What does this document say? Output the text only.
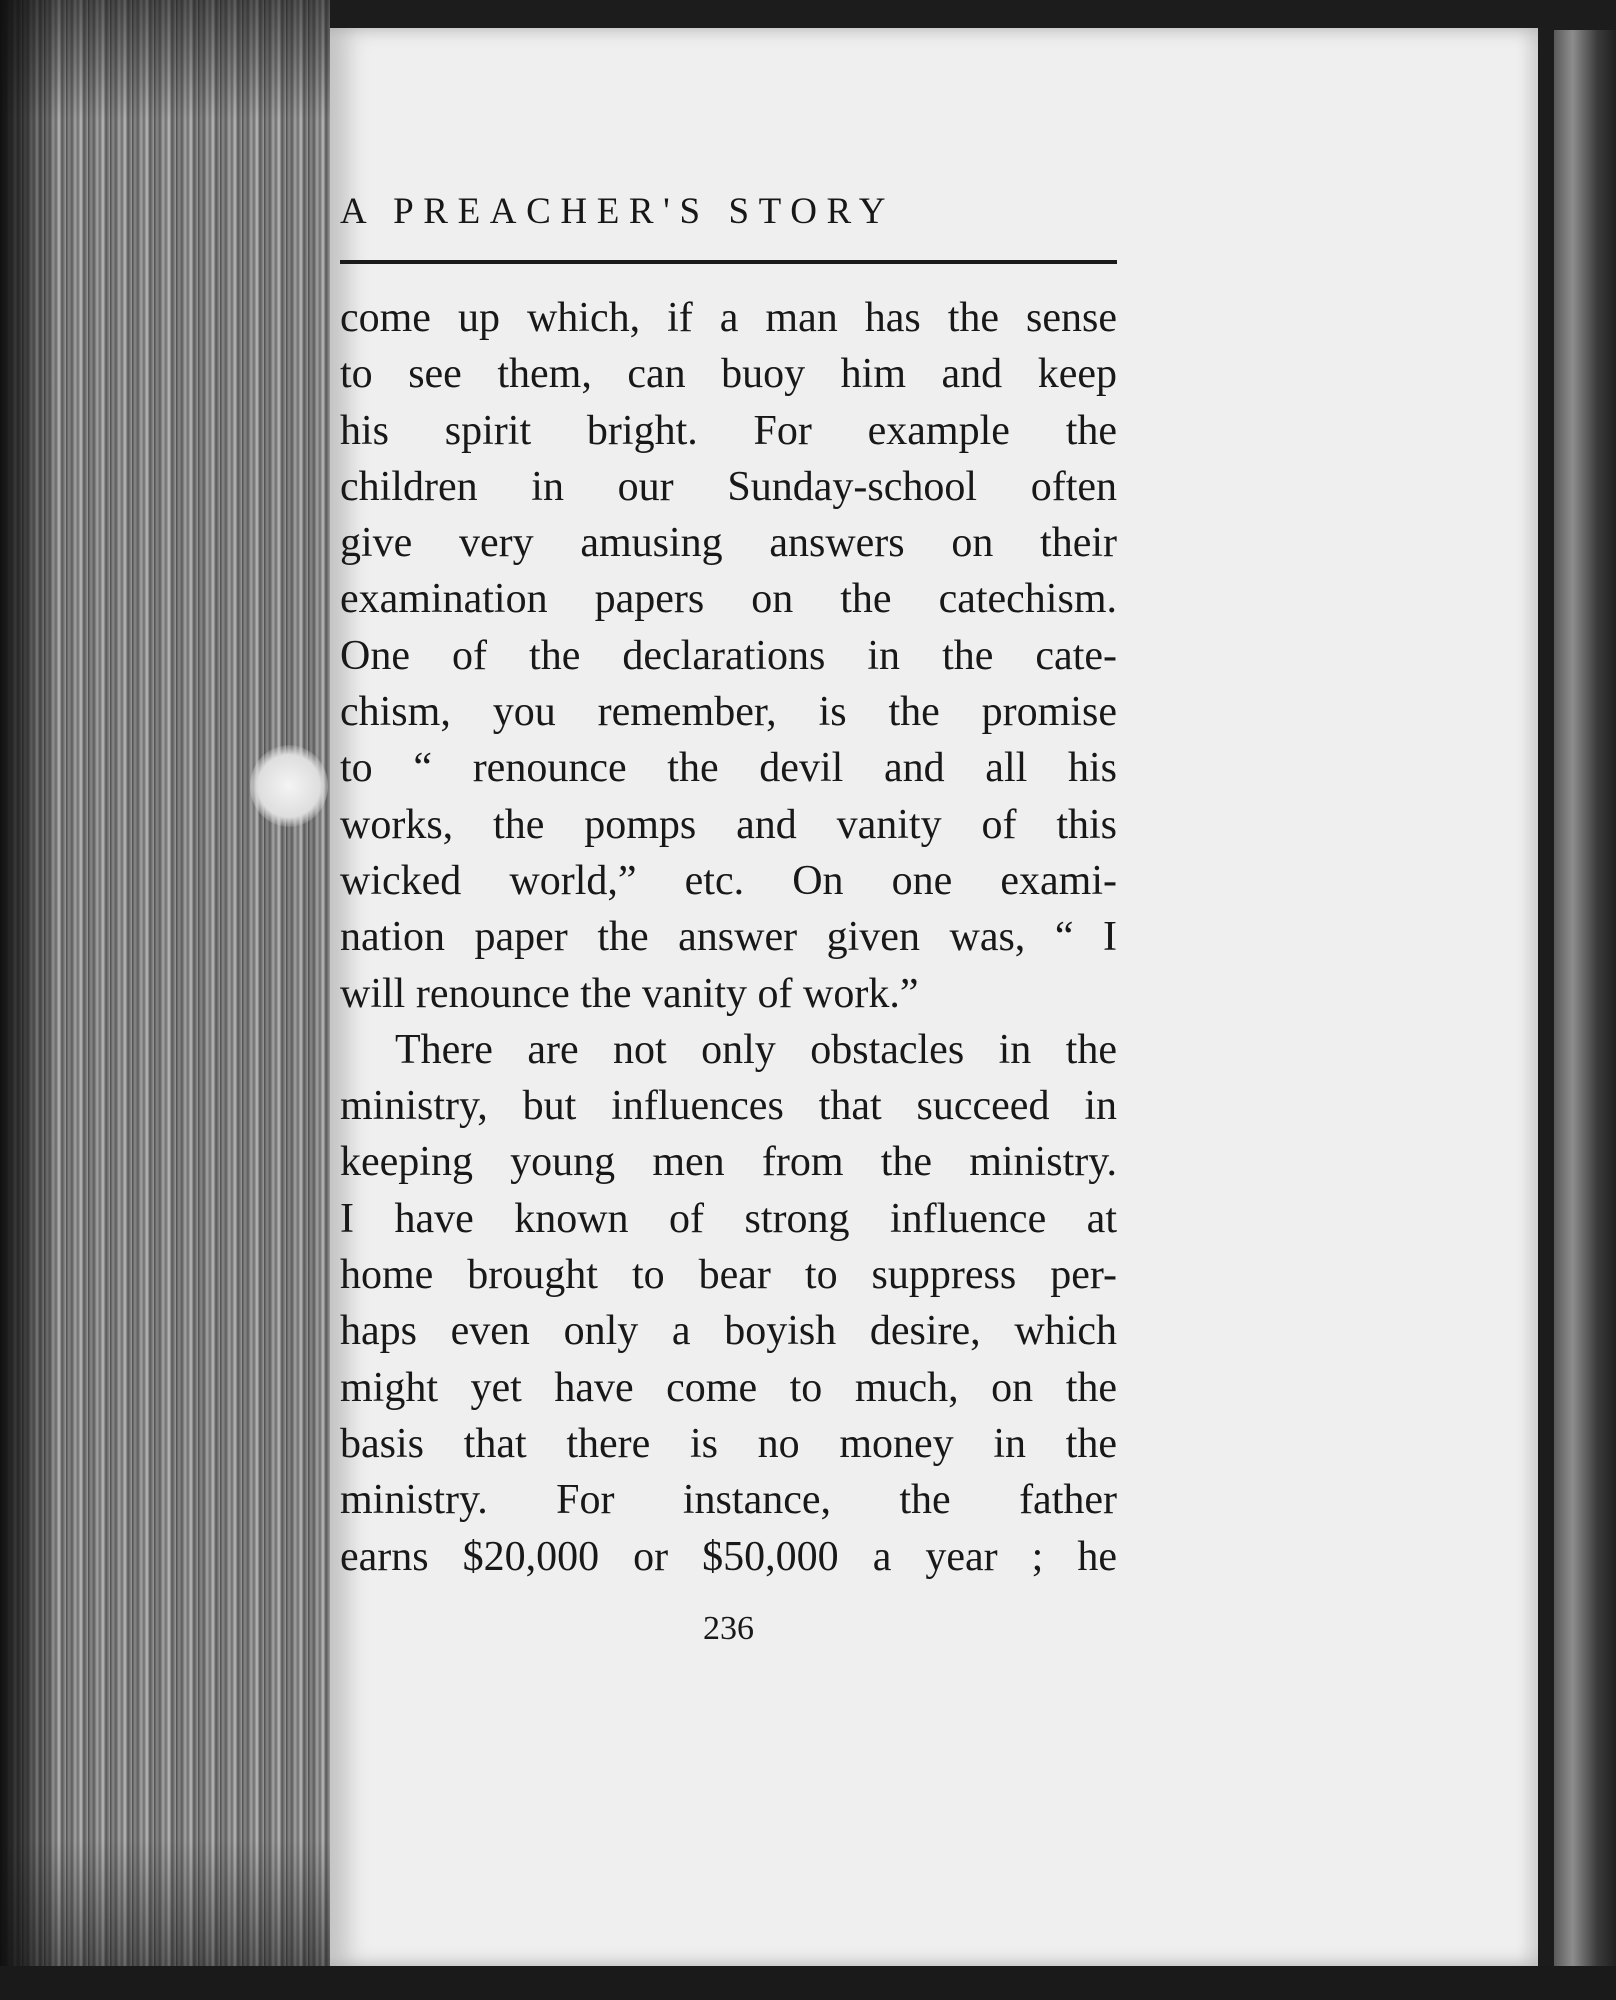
A PREACHER'S STORY
come up which, if a man has the sense
to see them, can buoy him and keep
his spirit bright. For example the
children in our Sunday-school often
give very amusing answers on their
examination papers on the catechism.
One of the declarations in the cate-
chism, you remember, is the promise
to “ renounce the devil and all his
works, the pomps and vanity of this
wicked world,” etc. On one exami-
nation paper the answer given was, “ I
will renounce the vanity of work.”
There are not only obstacles in the
ministry, but influences that succeed in
keeping young men from the ministry.
I have known of strong influence at
home brought to bear to suppress per-
haps even only a boyish desire, which
might yet have come to much, on the
basis that there is no money in the
ministry. For instance, the father
earns $20,000 or $50,000 a year ; he
236
